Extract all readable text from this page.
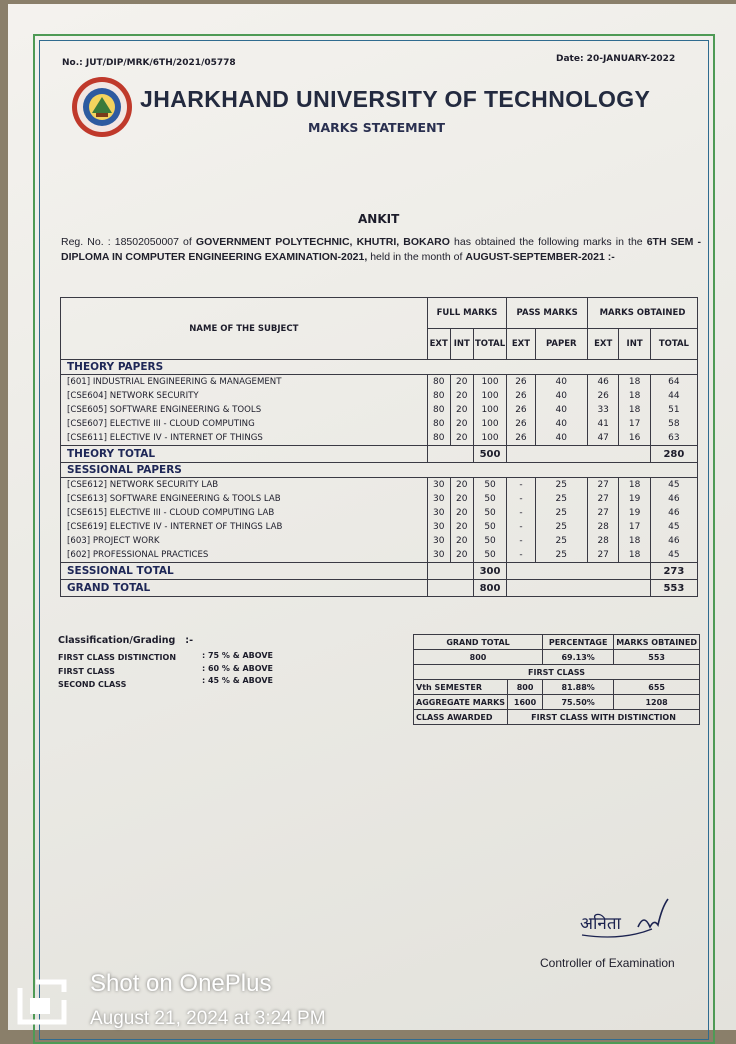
No.: JUT/DIP/MRK/6TH/2021/05778	Date: 20-JANUARY-2022
JHARKHAND UNIVERSITY OF TECHNOLOGY
MARKS STATEMENT
ANKIT
Reg. No. : 18502050007 of GOVERNMENT POLYTECHNIC, KHUTRI, BOKARO has obtained the following marks in the 6TH SEM - DIPLOMA IN COMPUTER ENGINEERING EXAMINATION-2021, held in the month of AUGUST-SEPTEMBER-2021 :-
NAME OF THE SUBJECT	FULL MARKS			PASS MARKS		MARKS OBTAINED		
	EXT	INT	TOTAL	EXT	PAPER	EXT	INT	TOTAL
THEORY PAPERS								
[601] INDUSTRIAL ENGINEERING & MANAGEMENT	80	20	100	26	40	46	18	64
[CSE604] NETWORK SECURITY	80	20	100	26	40	26	18	44
[CSE605] SOFTWARE ENGINEERING & TOOLS	80	20	100	26	40	33	18	51
[CSE607] ELECTIVE III - CLOUD COMPUTING	80	20	100	26	40	41	17	58
[CSE611] ELECTIVE IV - INTERNET OF THINGS	80	20	100	26	40	47	16	63
THEORY TOTAL			500					280
SESSIONAL PAPERS								
[CSE612] NETWORK SECURITY LAB	30	20	50	-	25	27	18	45
[CSE613] SOFTWARE ENGINEERING & TOOLS LAB	30	20	50	-	25	27	19	46
[CSE615] ELECTIVE III - CLOUD COMPUTING LAB	30	20	50	-	25	27	19	46
[CSE619] ELECTIVE IV - INTERNET OF THINGS LAB	30	20	50	-	25	28	17	45
[603] PROJECT WORK	30	20	50	-	25	28	18	46
[602] PROFESSIONAL PRACTICES	30	20	50	-	25	27	18	45
SESSIONAL TOTAL			300					273
GRAND TOTAL			800					553
Classification/Grading :-
FIRST CLASS DISTINCTION	: 75 % & ABOVE
FIRST CLASS	: 60 % & ABOVE
SECOND CLASS	: 45 % & ABOVE
GRAND TOTAL		PERCENTAGE	MARKS OBTAINED
800		69.13%	553
FIRST CLASS			
Vth SEMESTER	800	81.88%	655
AGGREGATE MARKS	1600	75.50%	1208
CLASS AWARDED	FIRST CLASS WITH DISTINCTION		
अनिता
Controller of Examination
Shot on OnePlus
August 21, 2024 at 3:24 PM
